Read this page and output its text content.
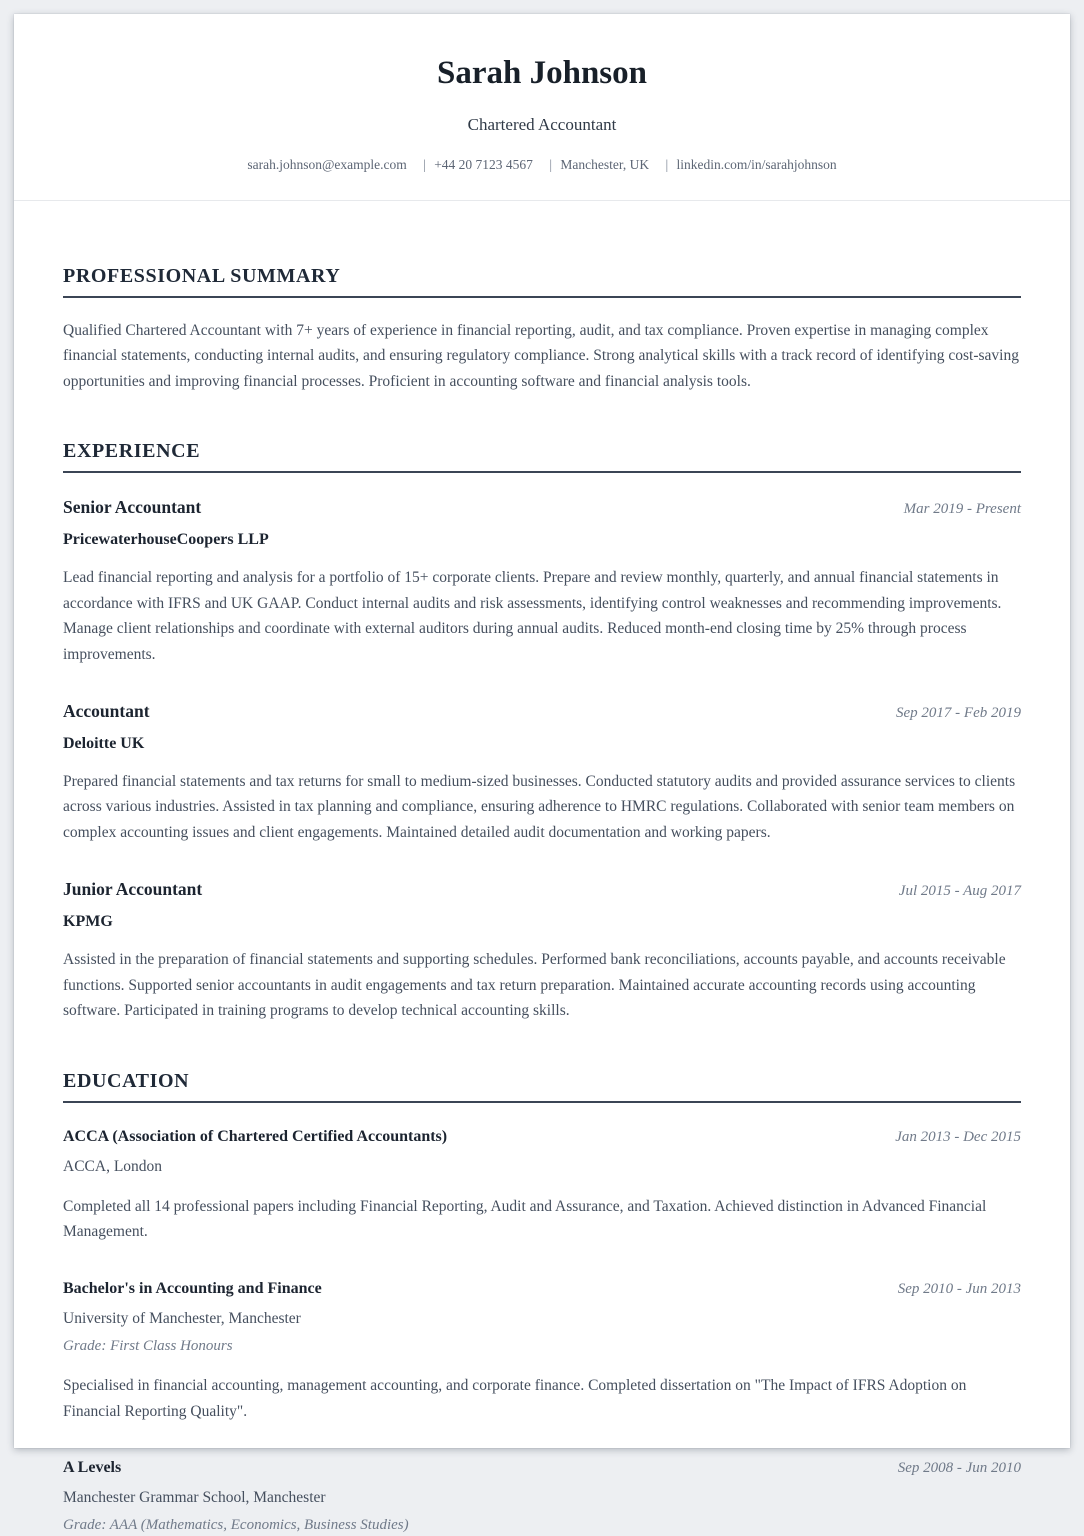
Sarah Johnson
Chartered Accountant
sarah.johnson@example.com | +44 20 7123 4567 | Manchester, UK | linkedin.com/in/sarahjohnson
PROFESSIONAL SUMMARY

Qualified Chartered Accountant with 7+ years of experience in financial reporting, audit, and tax compliance. Proven expertise in managing complex financial statements, conducting internal audits, and ensuring regulatory compliance. Strong analytical skills with a track record of identifying cost-saving opportunities and improving financial processes. Proficient in accounting software and financial analysis tools.

EXPERIENCE
Senior Accountant	Mar 2019 - Present
PricewaterhouseCoopers LLP

Lead financial reporting and analysis for a portfolio of 15+ corporate clients. Prepare and review monthly, quarterly, and annual financial statements in accordance with IFRS and UK GAAP. Conduct internal audits and risk assessments, identifying control weaknesses and recommending improvements. Manage client relationships and coordinate with external auditors during annual audits. Reduced month-end closing time by 25% through process improvements.

Accountant	Sep 2017 - Feb 2019
Deloitte UK

Prepared financial statements and tax returns for small to medium-sized businesses. Conducted statutory audits and provided assurance services to clients across various industries. Assisted in tax planning and compliance, ensuring adherence to HMRC regulations. Collaborated with senior team members on complex accounting issues and client engagements. Maintained detailed audit documentation and working papers.

Junior Accountant	Jul 2015 - Aug 2017
KPMG

Assisted in the preparation of financial statements and supporting schedules. Performed bank reconciliations, accounts payable, and accounts receivable functions. Supported senior accountants in audit engagements and tax return preparation. Maintained accurate accounting records using accounting software. Participated in training programs to develop technical accounting skills.

EDUCATION
ACCA (Association of Chartered Certified Accountants)	Jan 2013 - Dec 2015
ACCA, London

Completed all 14 professional papers including Financial Reporting, Audit and Assurance, and Taxation. Achieved distinction in Advanced Financial Management.

Bachelor's in Accounting and Finance	Sep 2010 - Jun 2013
University of Manchester, Manchester
Grade: First Class Honours

Specialised in financial accounting, management accounting, and corporate finance. Completed dissertation on "The Impact of IFRS Adoption on Financial Reporting Quality".

A Levels	Sep 2008 - Jun 2010
Manchester Grammar School, Manchester
Grade: AAA (Mathematics, Economics, Business Studies)
